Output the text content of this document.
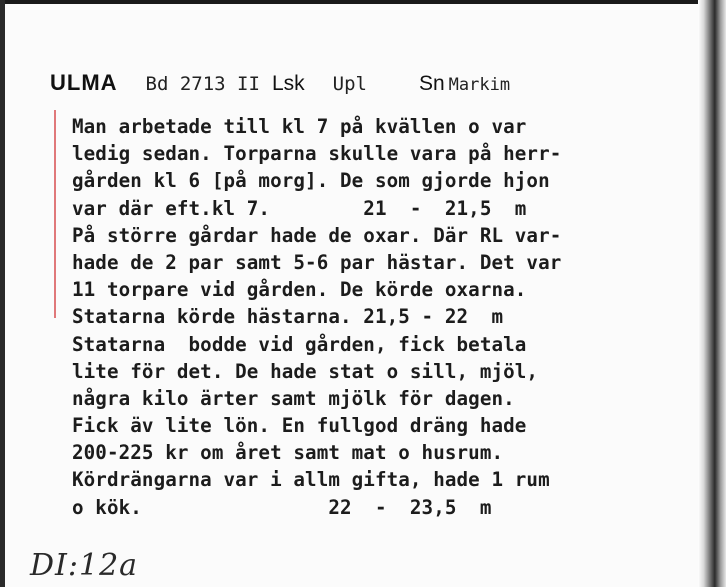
ULMA Bd 2713 II Lsk Upl Sn Markim
Man arbetade till kl 7 på kvällen o var
ledig sedan. Torparna skulle vara på herr-
gården kl 6 [på morg]. De som gjorde hjon
var där eft.kl 7.        21  -  21,5  m
På större gårdar hade de oxar. Där RL var-
hade de 2 par samt 5-6 par hästar. Det var
11 torpare vid gården. De körde oxarna.
Statarna körde hästarna. 21,5 - 22  m
Statarna  bodde vid gården, fick betala
lite för det. De hade stat o sill, mjöl,
några kilo ärter samt mjölk för dagen.
Fick äv lite lön. En fullgod dräng hade
200-225 kr om året samt mat o husrum.
Kördrängarna var i allm gifta, hade 1 rum
o kök.                22  -  23,5  m
DI:12a
